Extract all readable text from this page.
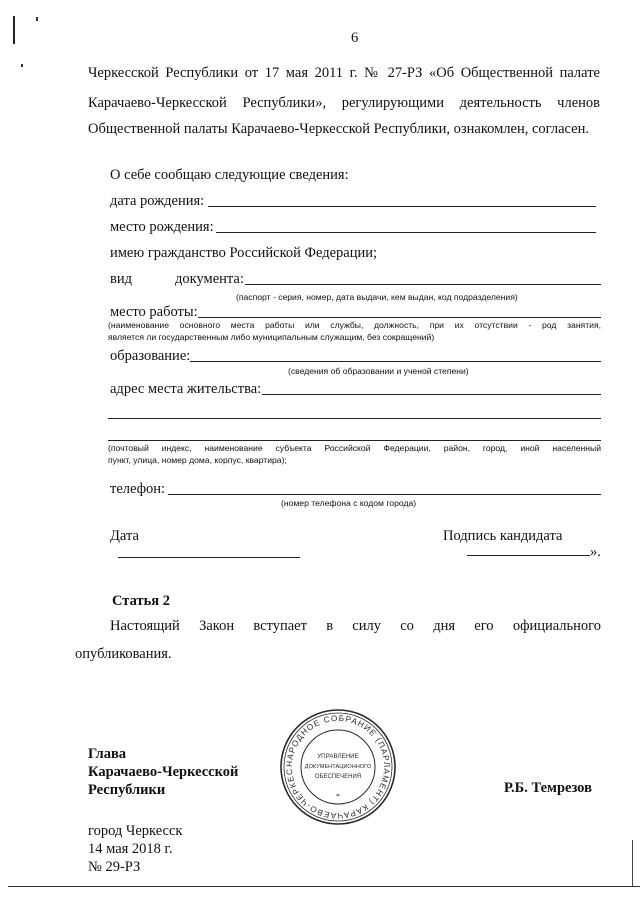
6
Черкесской Республики от 17 мая 2011 г. № 27-РЗ «Об Общественной палате
Карачаево-Черкесской Республики», регулирующими деятельность членов
Общественной палаты Карачаево-Черкесской Республики, ознакомлен, согласен.
О себе сообщаю следующие сведения:
дата рождения:
место рождения:
имею гражданство Российской Федерации;
вид	документа:
(паспорт - серия, номер, дата выдачи, кем выдан, код подразделения)
место работы:
(наименование основного места работы или службы, должность, при их отсутствии - род занятия,
является ли государственным либо муниципальным служащим, без сокращений)
образование:
(сведения об образовании и ученой степени)
адрес места жительства:
(почтовый индекс, наименование субъекта Российской Федерации, район, город, иной населенный
пункт, улица, номер дома, корпус, квартира);
телефон:
(номер телефона с кодом города)
Дата	Подпись кандидата
».
Статья 2
Настоящий Закон вступает в силу со дня его официального
опубликования.
Глава
Карачаево-Черкесской
Республики	Р.Б. Темрезов
НАРОДНОЕ СОБРАНИЕ (ПАРЛАМЕНТ) КАРАЧАЕВО-ЧЕРКЕС
УПРАВЛЕНИЕ
ДОКУМЕНТАЦИОННОГО
ОБЕСПЕЧЕНИЯ
*
город Черкесск
14 мая 2018 г.
№ 29-РЗ
